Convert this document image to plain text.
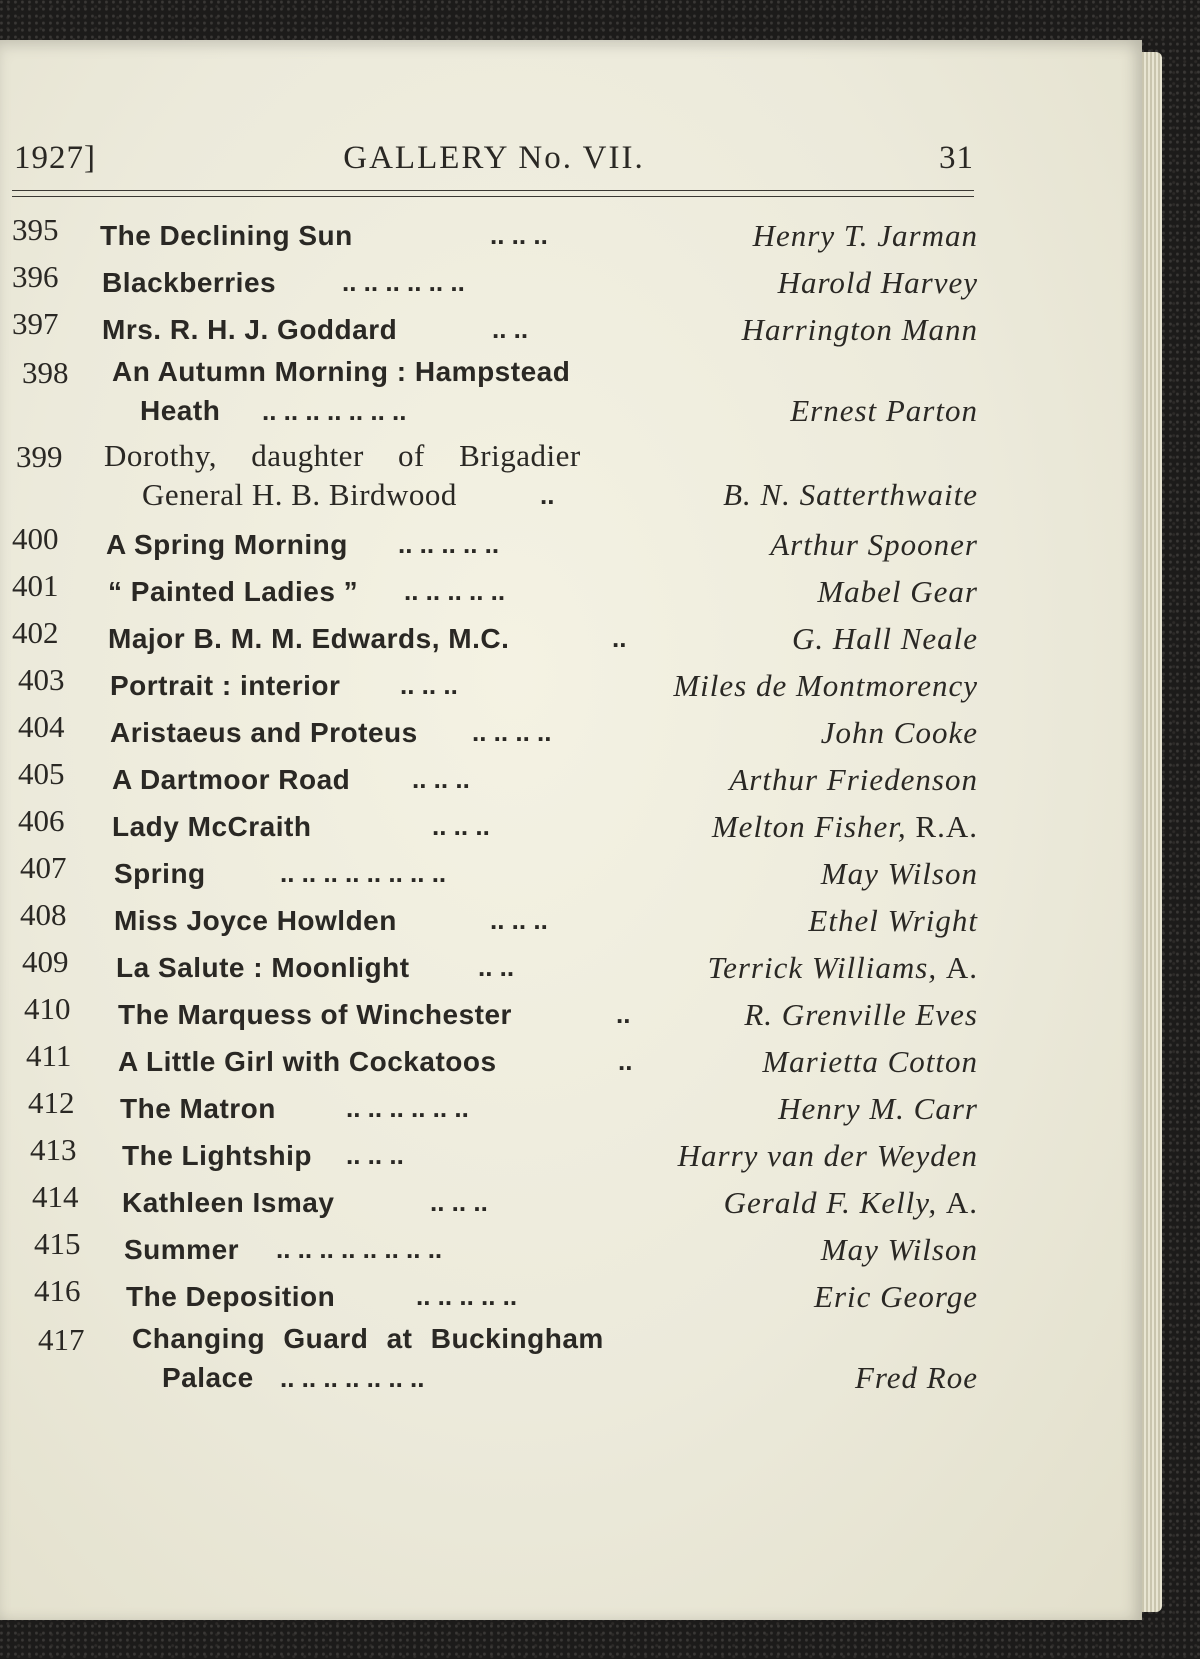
1927]	GALLERY No. VII.	31
395	The Declining Sun	.. .. ..	Henry T. Jarman
396	Blackberries	.. .. .. .. .. ..	Harold Harvey
397	Mrs. R. H. J. Goddard	.. ..	Harrington Mann
398	An Autumn Morning : Hampstead
Heath .. .. .. .. .. .. ..	Ernest Parton
399	Dorothy, daughter of Brigadier
General H. B. Birdwood	..	B. N. Satterthwaite
400	A Spring Morning .. .. .. .. ..	Arthur Spooner
401	“ Painted Ladies ” .. .. .. .. ..	Mabel Gear
402	Major B. M. M. Edwards, M.C.	..	G. Hall Neale
403	Portrait : interior .. .. ..	Miles de Montmorency
404	Aristaeus and Proteus .. .. .. ..	John Cooke
405	A Dartmoor Road .. .. ..	Arthur Friedenson
406	Lady McCraith	.. .. ..	Melton Fisher, R.A.
407	Spring	.. .. .. .. .. .. .. ..	May Wilson
408	Miss Joyce Howlden	.. .. ..	Ethel Wright
409	La Salute : Moonlight	.. ..	Terrick Williams, A.
410	The Marquess of Winchester	..	R. Grenville Eves
411	A Little Girl with Cockatoos	..	Marietta Cotton
412	The Matron	.. .. .. .. .. ..	Henry M. Carr
413	The Lightship .. .. ..	Harry van der Weyden
414	Kathleen Ismay	.. .. ..	Gerald F. Kelly, A.
415	Summer .. .. .. .. .. .. .. ..	May Wilson
416	The Deposition	.. .. .. .. ..	Eric George
417	Changing Guard at Buckingham
Palace .. .. .. .. .. .. ..	Fred Roe
